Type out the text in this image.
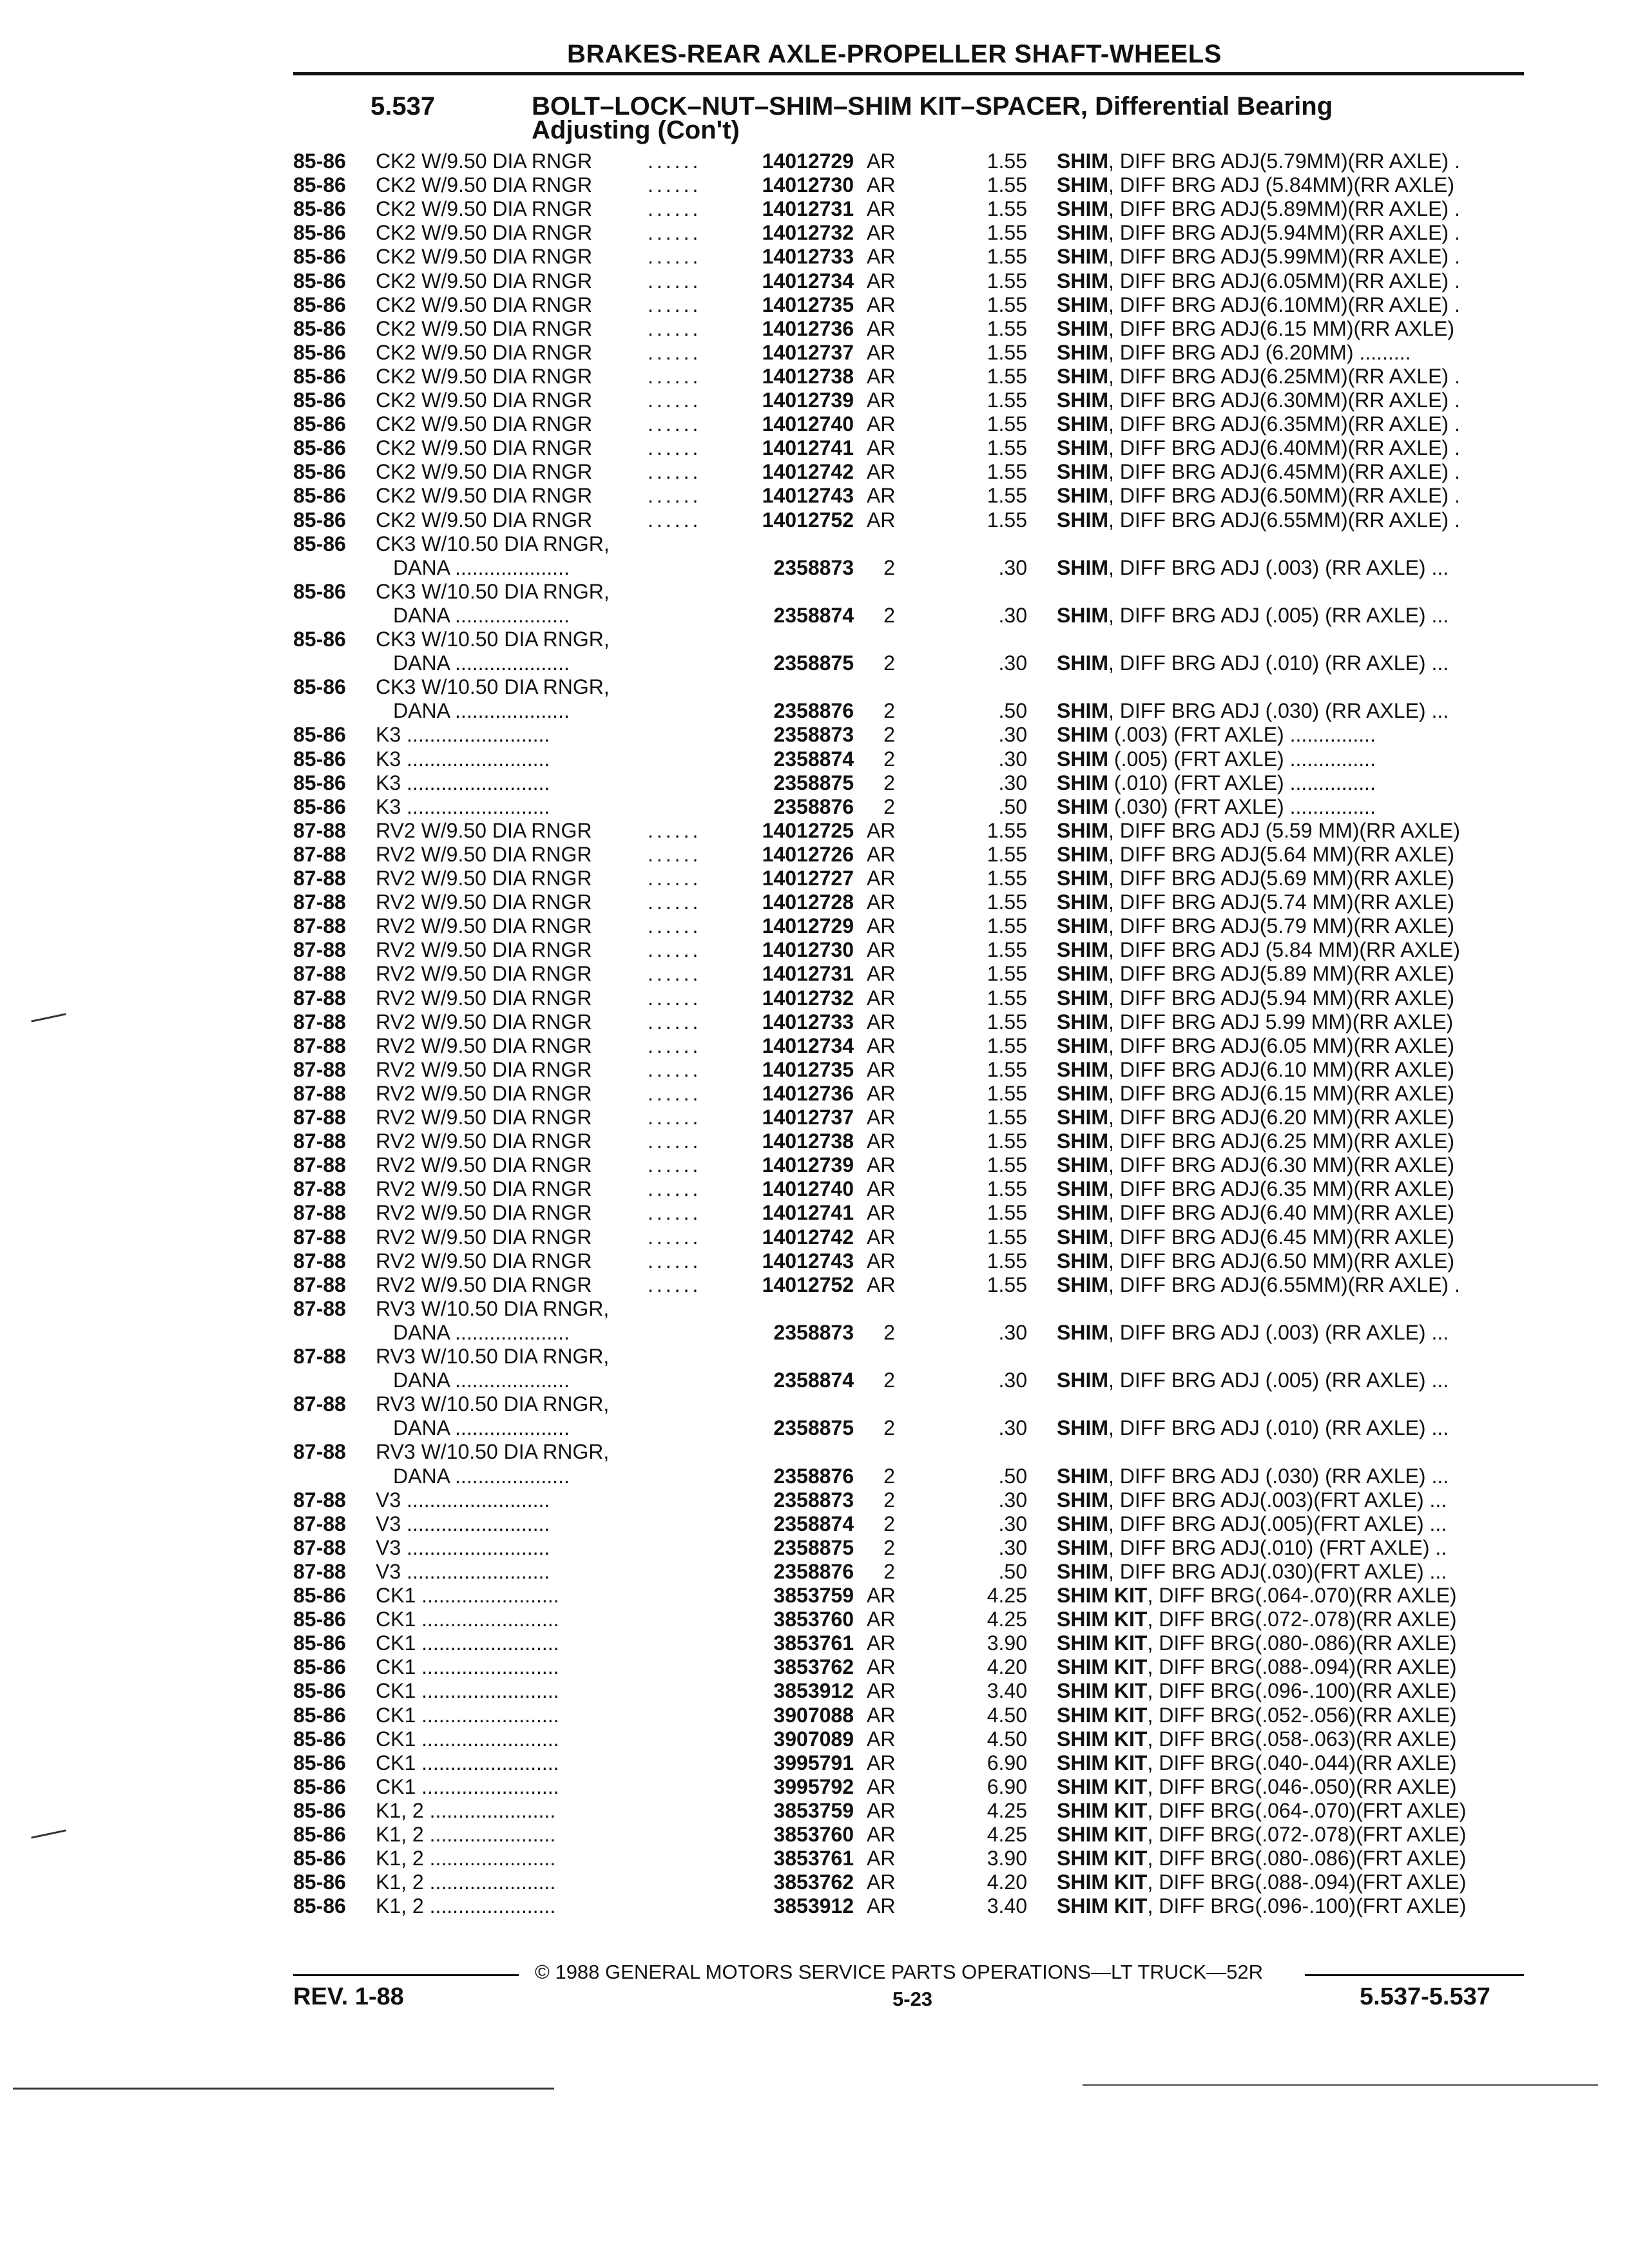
BRAKES-REAR AXLE-PROPELLER SHAFT-WHEELS
5.537	BOLT–LOCK–NUT–SHIM–SHIM KIT–SPACER, Differential Bearing
Adjusting (Con't)
85-86 CK2 W/9.50 DIA RNGR	......	14012729 AR	1.55 SHIM, DIFF BRG ADJ(5.79MM)(RR AXLE) .
85-86 CK2 W/9.50 DIA RNGR	......	14012730 AR	1.55 SHIM, DIFF BRG ADJ (5.84MM)(RR AXLE)
85-86 CK2 W/9.50 DIA RNGR	......	14012731 AR	1.55 SHIM, DIFF BRG ADJ(5.89MM)(RR AXLE) .
85-86 CK2 W/9.50 DIA RNGR	......	14012732 AR	1.55 SHIM, DIFF BRG ADJ(5.94MM)(RR AXLE) .
85-86 CK2 W/9.50 DIA RNGR	......	14012733 AR	1.55 SHIM, DIFF BRG ADJ(5.99MM)(RR AXLE) .
85-86 CK2 W/9.50 DIA RNGR	......	14012734 AR	1.55 SHIM, DIFF BRG ADJ(6.05MM)(RR AXLE) .
85-86 CK2 W/9.50 DIA RNGR	......	14012735 AR	1.55 SHIM, DIFF BRG ADJ(6.10MM)(RR AXLE) .
85-86 CK2 W/9.50 DIA RNGR	......	14012736 AR	1.55 SHIM, DIFF BRG ADJ(6.15 MM)(RR AXLE)
85-86 CK2 W/9.50 DIA RNGR	......	14012737 AR	1.55 SHIM, DIFF BRG ADJ (6.20MM) .........
85-86 CK2 W/9.50 DIA RNGR	......	14012738 AR	1.55 SHIM, DIFF BRG ADJ(6.25MM)(RR AXLE) .
85-86 CK2 W/9.50 DIA RNGR	......	14012739 AR	1.55 SHIM, DIFF BRG ADJ(6.30MM)(RR AXLE) .
85-86 CK2 W/9.50 DIA RNGR	......	14012740 AR	1.55 SHIM, DIFF BRG ADJ(6.35MM)(RR AXLE) .
85-86 CK2 W/9.50 DIA RNGR	......	14012741 AR	1.55 SHIM, DIFF BRG ADJ(6.40MM)(RR AXLE) .
85-86 CK2 W/9.50 DIA RNGR	......	14012742 AR	1.55 SHIM, DIFF BRG ADJ(6.45MM)(RR AXLE) .
85-86 CK2 W/9.50 DIA RNGR	......	14012743 AR	1.55 SHIM, DIFF BRG ADJ(6.50MM)(RR AXLE) .
85-86 CK2 W/9.50 DIA RNGR	......	14012752 AR	1.55 SHIM, DIFF BRG ADJ(6.55MM)(RR AXLE) .
85-86 CK3 W/10.50 DIA RNGR,
DANA ....................	2358873	2	.30 SHIM, DIFF BRG ADJ (.003) (RR AXLE) ...
85-86 CK3 W/10.50 DIA RNGR,
DANA ....................	2358874	2	.30 SHIM, DIFF BRG ADJ (.005) (RR AXLE) ...
85-86 CK3 W/10.50 DIA RNGR,
DANA ....................	2358875	2	.30 SHIM, DIFF BRG ADJ (.010) (RR AXLE) ...
85-86 CK3 W/10.50 DIA RNGR,
DANA ....................	2358876	2	.50 SHIM, DIFF BRG ADJ (.030) (RR AXLE) ...
85-86 K3 .........................	2358873	2	.30 SHIM (.003) (FRT AXLE) ...............
85-86 K3 .........................	2358874	2	.30 SHIM (.005) (FRT AXLE) ...............
85-86 K3 .........................	2358875	2	.30 SHIM (.010) (FRT AXLE) ...............
85-86 K3 .........................	2358876	2	.50 SHIM (.030) (FRT AXLE) ...............
87-88 RV2 W/9.50 DIA RNGR	......	14012725 AR	1.55 SHIM, DIFF BRG ADJ (5.59 MM)(RR AXLE)
87-88 RV2 W/9.50 DIA RNGR	......	14012726 AR	1.55 SHIM, DIFF BRG ADJ(5.64 MM)(RR AXLE)
87-88 RV2 W/9.50 DIA RNGR	......	14012727 AR	1.55 SHIM, DIFF BRG ADJ(5.69 MM)(RR AXLE)
87-88 RV2 W/9.50 DIA RNGR	......	14012728 AR	1.55 SHIM, DIFF BRG ADJ(5.74 MM)(RR AXLE)
87-88 RV2 W/9.50 DIA RNGR	......	14012729 AR	1.55 SHIM, DIFF BRG ADJ(5.79 MM)(RR AXLE)
87-88 RV2 W/9.50 DIA RNGR	......	14012730 AR	1.55 SHIM, DIFF BRG ADJ (5.84 MM)(RR AXLE)
87-88 RV2 W/9.50 DIA RNGR	......	14012731 AR	1.55 SHIM, DIFF BRG ADJ(5.89 MM)(RR AXLE)
87-88 RV2 W/9.50 DIA RNGR	......	14012732 AR	1.55 SHIM, DIFF BRG ADJ(5.94 MM)(RR AXLE)
87-88 RV2 W/9.50 DIA RNGR	......	14012733 AR	1.55 SHIM, DIFF BRG ADJ 5.99 MM)(RR AXLE)
87-88 RV2 W/9.50 DIA RNGR	......	14012734 AR	1.55 SHIM, DIFF BRG ADJ(6.05 MM)(RR AXLE)
87-88 RV2 W/9.50 DIA RNGR	......	14012735 AR	1.55 SHIM, DIFF BRG ADJ(6.10 MM)(RR AXLE)
87-88 RV2 W/9.50 DIA RNGR	......	14012736 AR	1.55 SHIM, DIFF BRG ADJ(6.15 MM)(RR AXLE)
87-88 RV2 W/9.50 DIA RNGR	......	14012737 AR	1.55 SHIM, DIFF BRG ADJ(6.20 MM)(RR AXLE)
87-88 RV2 W/9.50 DIA RNGR	......	14012738 AR	1.55 SHIM, DIFF BRG ADJ(6.25 MM)(RR AXLE)
87-88 RV2 W/9.50 DIA RNGR	......	14012739 AR	1.55 SHIM, DIFF BRG ADJ(6.30 MM)(RR AXLE)
87-88 RV2 W/9.50 DIA RNGR	......	14012740 AR	1.55 SHIM, DIFF BRG ADJ(6.35 MM)(RR AXLE)
87-88 RV2 W/9.50 DIA RNGR	......	14012741 AR	1.55 SHIM, DIFF BRG ADJ(6.40 MM)(RR AXLE)
87-88 RV2 W/9.50 DIA RNGR	......	14012742 AR	1.55 SHIM, DIFF BRG ADJ(6.45 MM)(RR AXLE)
87-88 RV2 W/9.50 DIA RNGR	......	14012743 AR	1.55 SHIM, DIFF BRG ADJ(6.50 MM)(RR AXLE)
87-88 RV2 W/9.50 DIA RNGR	......	14012752 AR	1.55 SHIM, DIFF BRG ADJ(6.55MM)(RR AXLE) .
87-88 RV3 W/10.50 DIA RNGR,
DANA ....................	2358873	2	.30 SHIM, DIFF BRG ADJ (.003) (RR AXLE) ...
87-88 RV3 W/10.50 DIA RNGR,
DANA ....................	2358874	2	.30 SHIM, DIFF BRG ADJ (.005) (RR AXLE) ...
87-88 RV3 W/10.50 DIA RNGR,
DANA ....................	2358875	2	.30 SHIM, DIFF BRG ADJ (.010) (RR AXLE) ...
87-88 RV3 W/10.50 DIA RNGR,
DANA ....................	2358876	2	.50 SHIM, DIFF BRG ADJ (.030) (RR AXLE) ...
87-88 V3 .........................	2358873	2	.30 SHIM, DIFF BRG ADJ(.003)(FRT AXLE) ...
87-88 V3 .........................	2358874	2	.30 SHIM, DIFF BRG ADJ(.005)(FRT AXLE) ...
87-88 V3 .........................	2358875	2	.30 SHIM, DIFF BRG ADJ(.010) (FRT AXLE) ..
87-88 V3 .........................	2358876	2	.50 SHIM, DIFF BRG ADJ(.030)(FRT AXLE) ...
85-86 CK1 ........................	3853759 AR	4.25 SHIM KIT, DIFF BRG(.064-.070)(RR AXLE)
85-86 CK1 ........................	3853760 AR	4.25 SHIM KIT, DIFF BRG(.072-.078)(RR AXLE)
85-86 CK1 ........................	3853761 AR	3.90 SHIM KIT, DIFF BRG(.080-.086)(RR AXLE)
85-86 CK1 ........................	3853762 AR	4.20 SHIM KIT, DIFF BRG(.088-.094)(RR AXLE)
85-86 CK1 ........................	3853912 AR	3.40 SHIM KIT, DIFF BRG(.096-.100)(RR AXLE)
85-86 CK1 ........................	3907088 AR	4.50 SHIM KIT, DIFF BRG(.052-.056)(RR AXLE)
85-86 CK1 ........................	3907089 AR	4.50 SHIM KIT, DIFF BRG(.058-.063)(RR AXLE)
85-86 CK1 ........................	3995791 AR	6.90 SHIM KIT, DIFF BRG(.040-.044)(RR AXLE)
85-86 CK1 ........................	3995792 AR	6.90 SHIM KIT, DIFF BRG(.046-.050)(RR AXLE)
85-86 K1, 2 ......................	3853759 AR	4.25 SHIM KIT, DIFF BRG(.064-.070)(FRT AXLE)
85-86 K1, 2 ......................	3853760 AR	4.25 SHIM KIT, DIFF BRG(.072-.078)(FRT AXLE)
85-86 K1, 2 ......................	3853761 AR	3.90 SHIM KIT, DIFF BRG(.080-.086)(FRT AXLE)
85-86 K1, 2 ......................	3853762 AR	4.20 SHIM KIT, DIFF BRG(.088-.094)(FRT AXLE)
85-86 K1, 2 ......................	3853912 AR	3.40 SHIM KIT, DIFF BRG(.096-.100)(FRT AXLE)
© 1988 GENERAL MOTORS SERVICE PARTS OPERATIONS—LT TRUCK—52R
REV. 1-88	5-23	5.537-5.537
